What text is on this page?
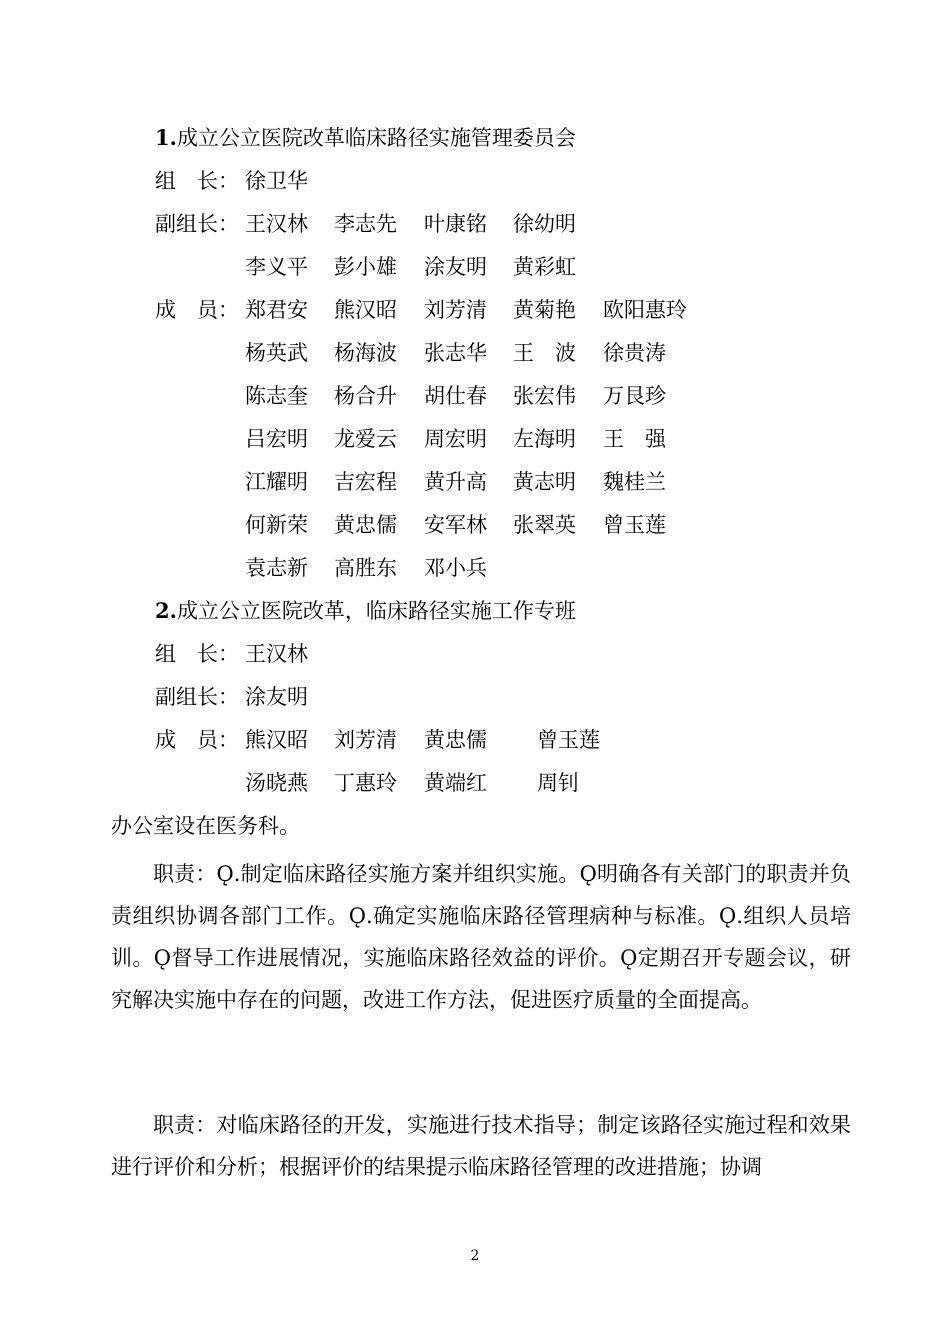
1.成立公立医院改革临床路径实施管理委员会
组　长： 徐卫华
副组长： 王汉林 李志先 叶康铭 徐幼明
李义平 彭小雄 涂友明 黄彩虹
成　员： 郑君安 熊汉昭 刘芳清 黄菊艳 欧阳惠玲
杨英武 杨海波 张志华 王　波 徐贵涛
陈志奎 杨合升 胡仕春 张宏伟 万艮珍
吕宏明 龙爱云 周宏明 左海明 王　强
江耀明 吉宏程 黄升高 黄志明 魏桂兰
何新荣 黄忠儒 安军林 张翠英 曾玉莲
袁志新 高胜东 邓小兵
2.成立公立医院改革，临床路径实施工作专班
组　长： 王汉林
副组长： 涂友明
成　员： 熊汉昭 刘芳清 黄忠儒 曾玉莲
汤晓燕 丁惠玲 黄端红 周钊
办公室设在医务科。

职责：Ǫ.制定临床路径实施方案并组织实施。Ǫ明确各有关部门的职责并负责组织协调各部门工作。Ǫ.确定实施临床路径管理病种与标准。Ǫ.组织人员培训。Ǫ督导工作进展情况，实施临床路径效益的评价。Ǫ定期召开专题会议，研究解决实施中存在的问题，改进工作方法，促进医疗质量的全面提高。

职责：对临床路径的开发，实施进行技术指导；制定该路径实施过程和效果进行评价和分析；根据评价的结果提示临床路径管理的改进措施；协调

2
